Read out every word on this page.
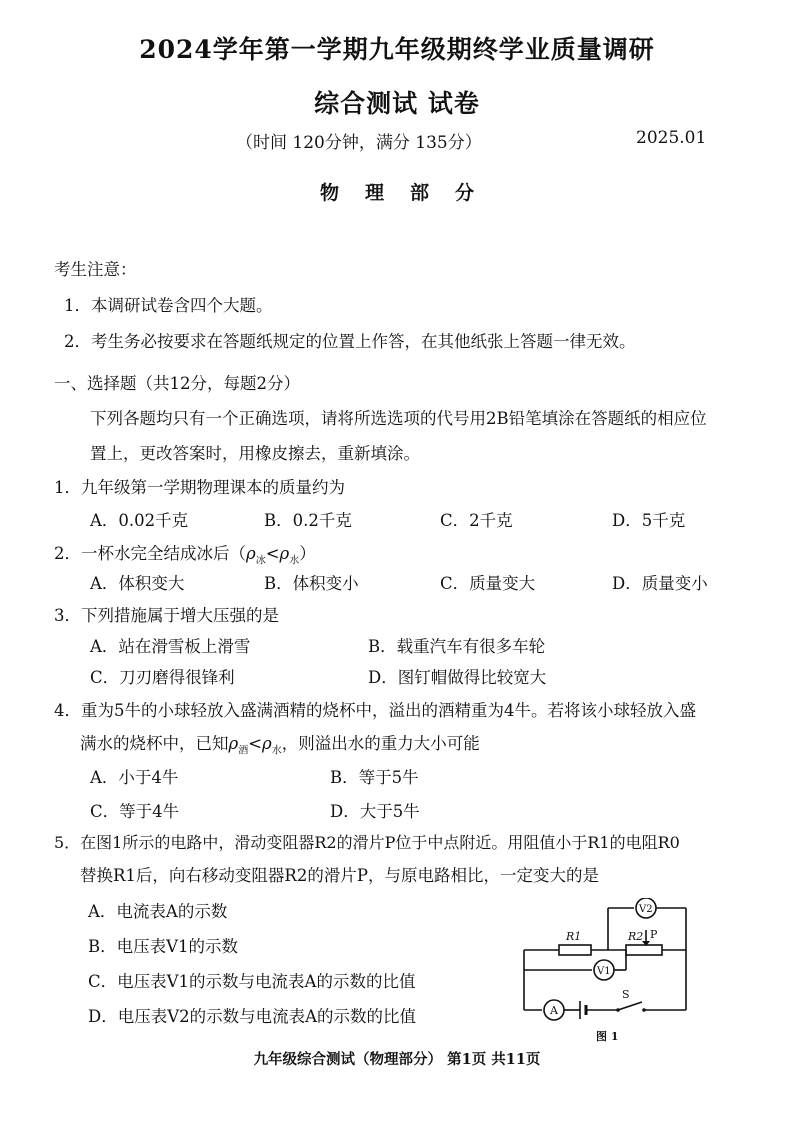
2024学年第一学期九年级期终学业质量调研
综合测试 试卷
（时间 120分钟，满分 135分）	2025.01
物理部分
考生注意：
1．本调研试卷含四个大题。
2．考生务必按要求在答题纸规定的位置上作答，在其他纸张上答题一律无效。
一、选择题（共12分，每题2分）
下列各题均只有一个正确选项，请将所选选项的代号用2B铅笔填涂在答题纸的相应位
置上，更改答案时，用橡皮擦去，重新填涂。
1．九年级第一学期物理课本的质量约为
A．0.02千克	B．0.2千克	C．2千克	D．5千克
2．一杯水完全结成冰后$(\rho_冰<\rho_水)$
A．体积变大	B．体积变小	C．质量变大	D．质量变小
3．下列措施属于增大压强的是
A．站在滑雪板上滑雪	B．载重汽车有很多车轮
C．刀刃磨得很锋利	D．图钉帽做得比较宽大
4．重为5牛的小球轻放入盛满酒精的烧杯中，溢出的酒精重为4牛。若将该小球轻放入盛
满水的烧杯中，已知$\rho_酒<\rho_水$，则溢出水的重力大小可能
A．小于4牛	B．等于5牛
C．等于4牛	D．大于5牛
5．在图1所示的电路中，滑动变阻器R2的滑片P位于中点附近。用阻值小于R1的电阻R0
替换R1后，向右移动变阻器R2的滑片P，与原电路相比，一定变大的是
A．电流表A的示数
B．电压表V1的示数
C．电压表V1的示数与电流表A的示数的比值
D．电压表V2的示数与电流表A的示数的比值
R1	R2 P
V2
V1
A
S
图 1
九年级综合测试（物理部分） 第1页 共11页
